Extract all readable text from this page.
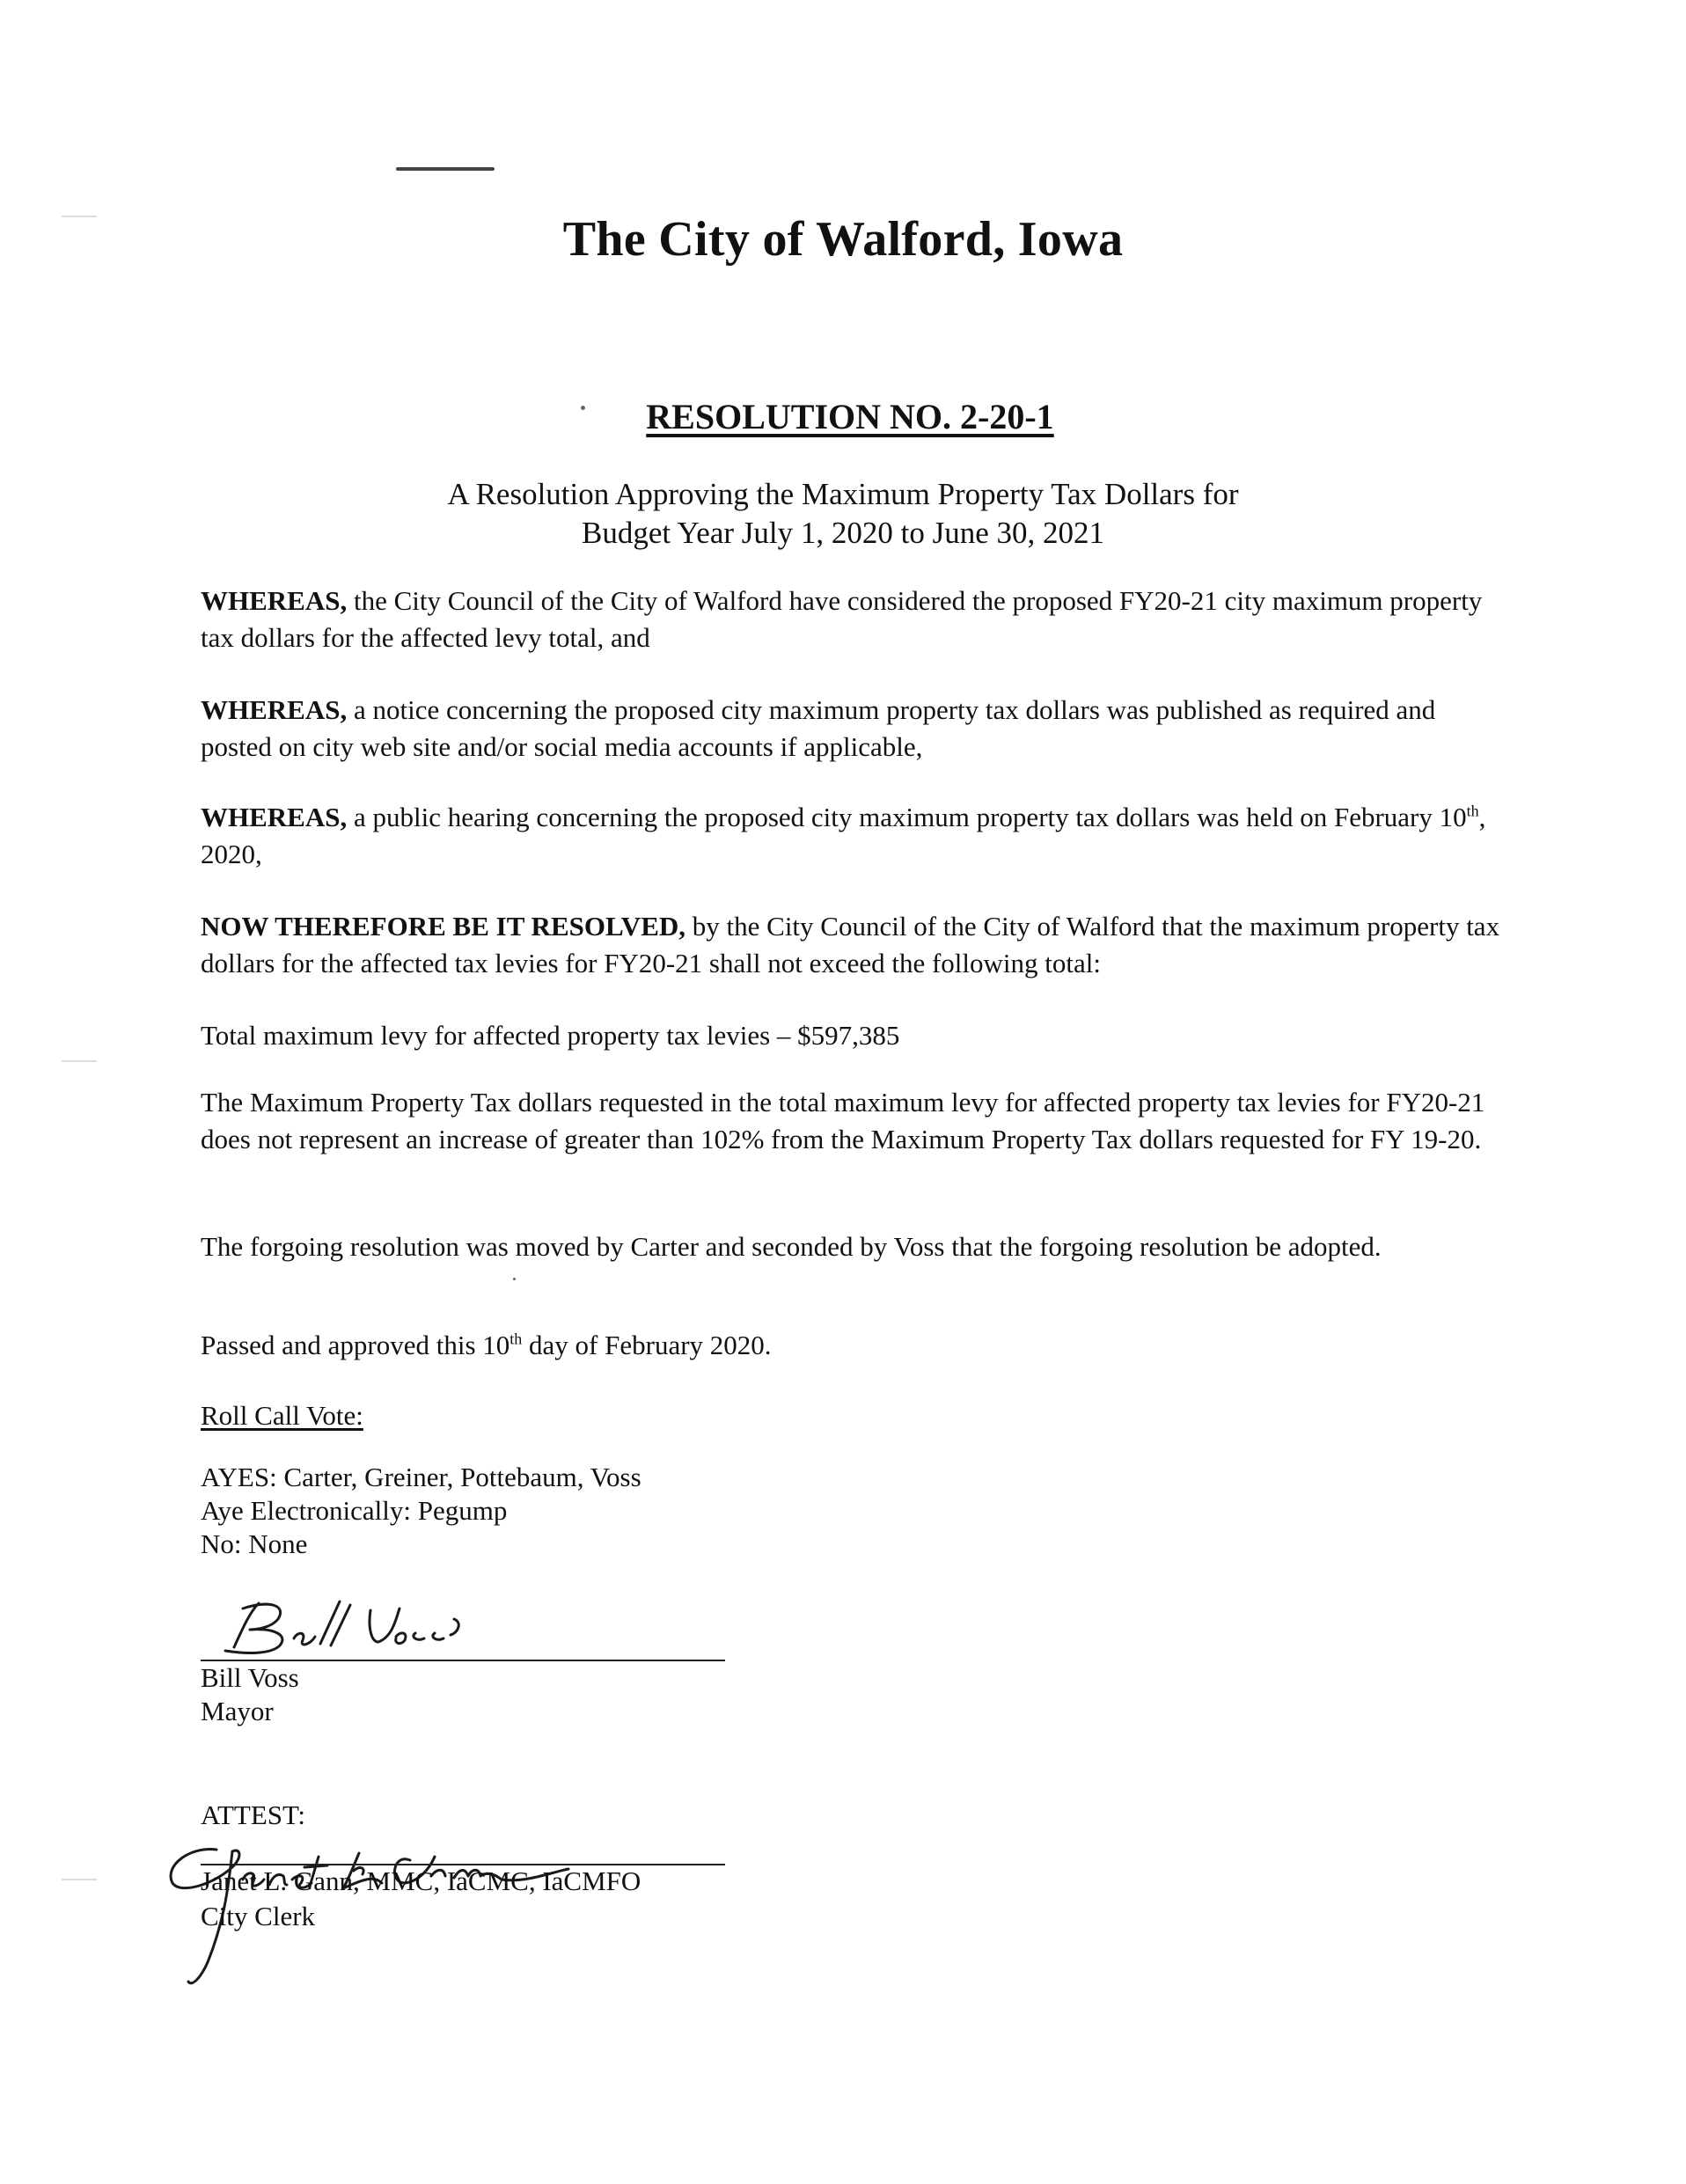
The City of Walford, Iowa
RESOLUTION NO. 2-20-1
A Resolution Approving the Maximum Property Tax Dollars for
Budget Year July 1, 2020 to June 30, 2021

WHEREAS, the City Council of the City of Walford have considered the proposed FY20-21 city maximum property tax dollars for the affected levy total, and

WHEREAS, a notice concerning the proposed city maximum property tax dollars was published as required and posted on city web site and/or social media accounts if applicable,

WHEREAS, a public hearing concerning the proposed city maximum property tax dollars was held on February 10th, 2020,

NOW THEREFORE BE IT RESOLVED, by the City Council of the City of Walford that the maximum property tax dollars for the affected tax levies for FY20-21 shall not exceed the following total:

Total maximum levy for affected property tax levies – $597,385

The Maximum Property Tax dollars requested in the total maximum levy for affected property tax levies for FY20-21 does not represent an increase of greater than 102% from the Maximum Property Tax dollars requested for FY 19-20.

The forgoing resolution was moved by Carter and seconded by Voss that the forgoing resolution be adopted.

Passed and approved this 10th day of February 2020.

Roll Call Vote:

AYES: Carter, Greiner, Pottebaum, Voss
Aye Electronically: Pegump
No: None
Bill Voss
Mayor

ATTEST:

Janet L. Gann, MMC, IaCMC, IaCMFO
City Clerk
